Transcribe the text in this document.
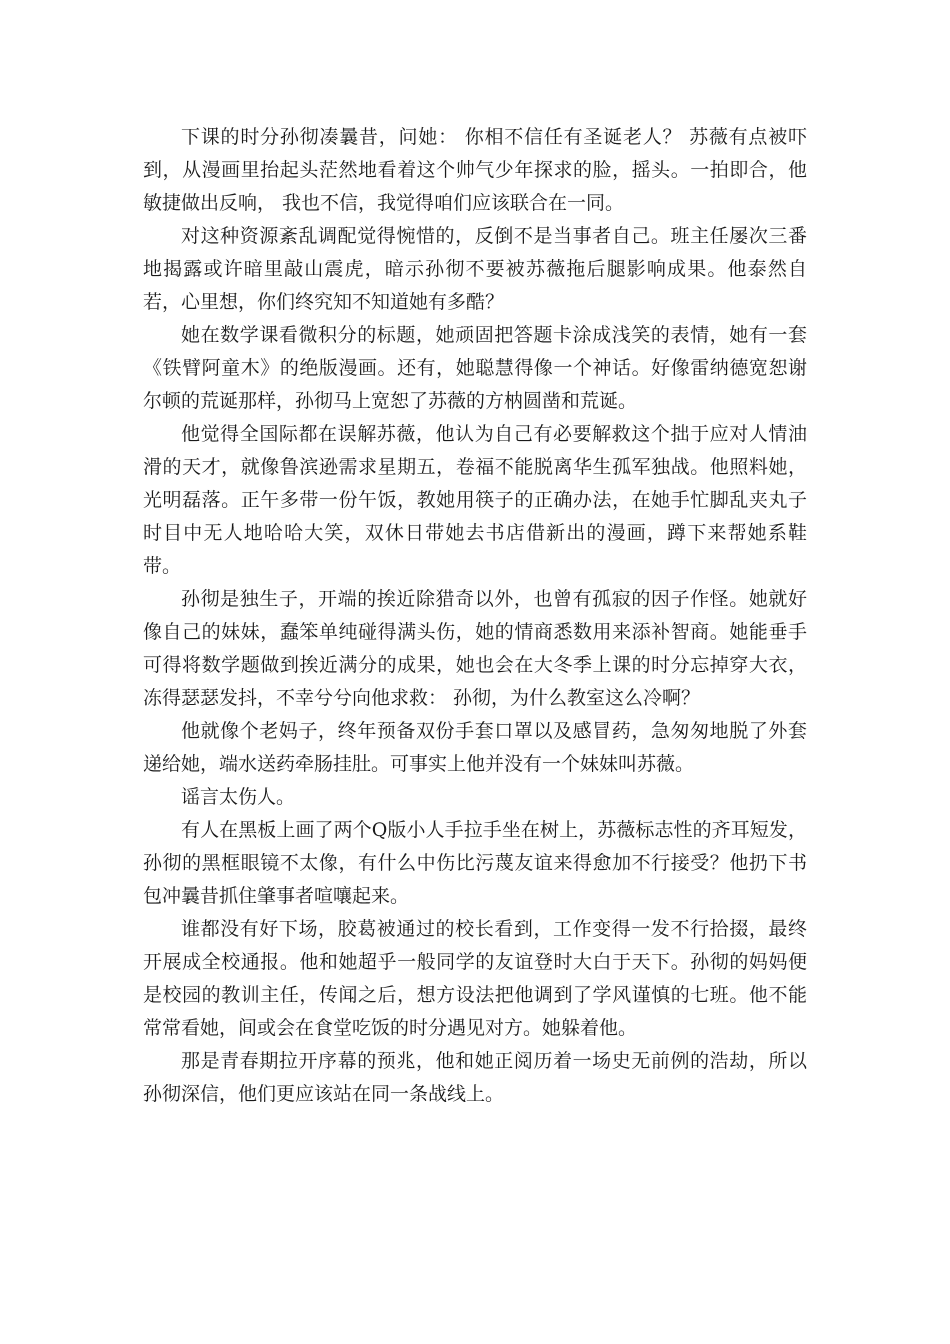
下课的时分孙彻凑曩昔，问她： 你相不信任有圣诞老人？ 苏薇有点被吓到，从漫画里抬起头茫然地看着这个帅气少年探求的脸，摇头。一拍即合，他敏捷做出反响， 我也不信，我觉得咱们应该联合在一同。

对这种资源紊乱调配觉得惋惜的，反倒不是当事者自己。班主任屡次三番地揭露或许暗里敲山震虎，暗示孙彻不要被苏薇拖后腿影响成果。他泰然自若，心里想，你们终究知不知道她有多酷？

她在数学课看微积分的标题，她顽固把答题卡涂成浅笑的表情，她有一套《铁臂阿童木》的绝版漫画。还有，她聪慧得像一个神话。好像雷纳德宽恕谢尔顿的荒诞那样，孙彻马上宽恕了苏薇的方枘圆凿和荒诞。

他觉得全国际都在误解苏薇，他认为自己有必要解救这个拙于应对人情油滑的天才，就像鲁滨逊需求星期五，卷福不能脱离华生孤军独战。他照料她，光明磊落。正午多带一份午饭，教她用筷子的正确办法，在她手忙脚乱夹丸子时目中无人地哈哈大笑，双休日带她去书店借新出的漫画，蹲下来帮她系鞋带。

孙彻是独生子，开端的挨近除猎奇以外，也曾有孤寂的因子作怪。她就好像自己的妹妹，蠢笨单纯碰得满头伤，她的情商悉数用来添补智商。她能垂手可得将数学题做到挨近满分的成果，她也会在大冬季上课的时分忘掉穿大衣，冻得瑟瑟发抖，不幸兮兮向他求救： 孙彻，为什么教室这么冷啊？

他就像个老妈子，终年预备双份手套口罩以及感冒药，急匆匆地脱了外套递给她，端水送药牵肠挂肚。可事实上他并没有一个妹妹叫苏薇。

谣言太伤人。

有人在黑板上画了两个Q版小人手拉手坐在树上，苏薇标志性的齐耳短发，孙彻的黑框眼镜不太像，有什么中伤比污蔑友谊来得愈加不行接受？他扔下书包冲曩昔抓住肇事者喧嚷起来。

谁都没有好下场，胶葛被通过的校长看到，工作变得一发不行拾掇，最终开展成全校通报。他和她超乎一般同学的友谊登时大白于天下。孙彻的妈妈便是校园的教训主任，传闻之后，想方设法把他调到了学风谨慎的七班。他不能常常看她，间或会在食堂吃饭的时分遇见对方。她躲着他。

那是青春期拉开序幕的预兆，他和她正阅历着一场史无前例的浩劫，所以孙彻深信，他们更应该站在同一条战线上。
